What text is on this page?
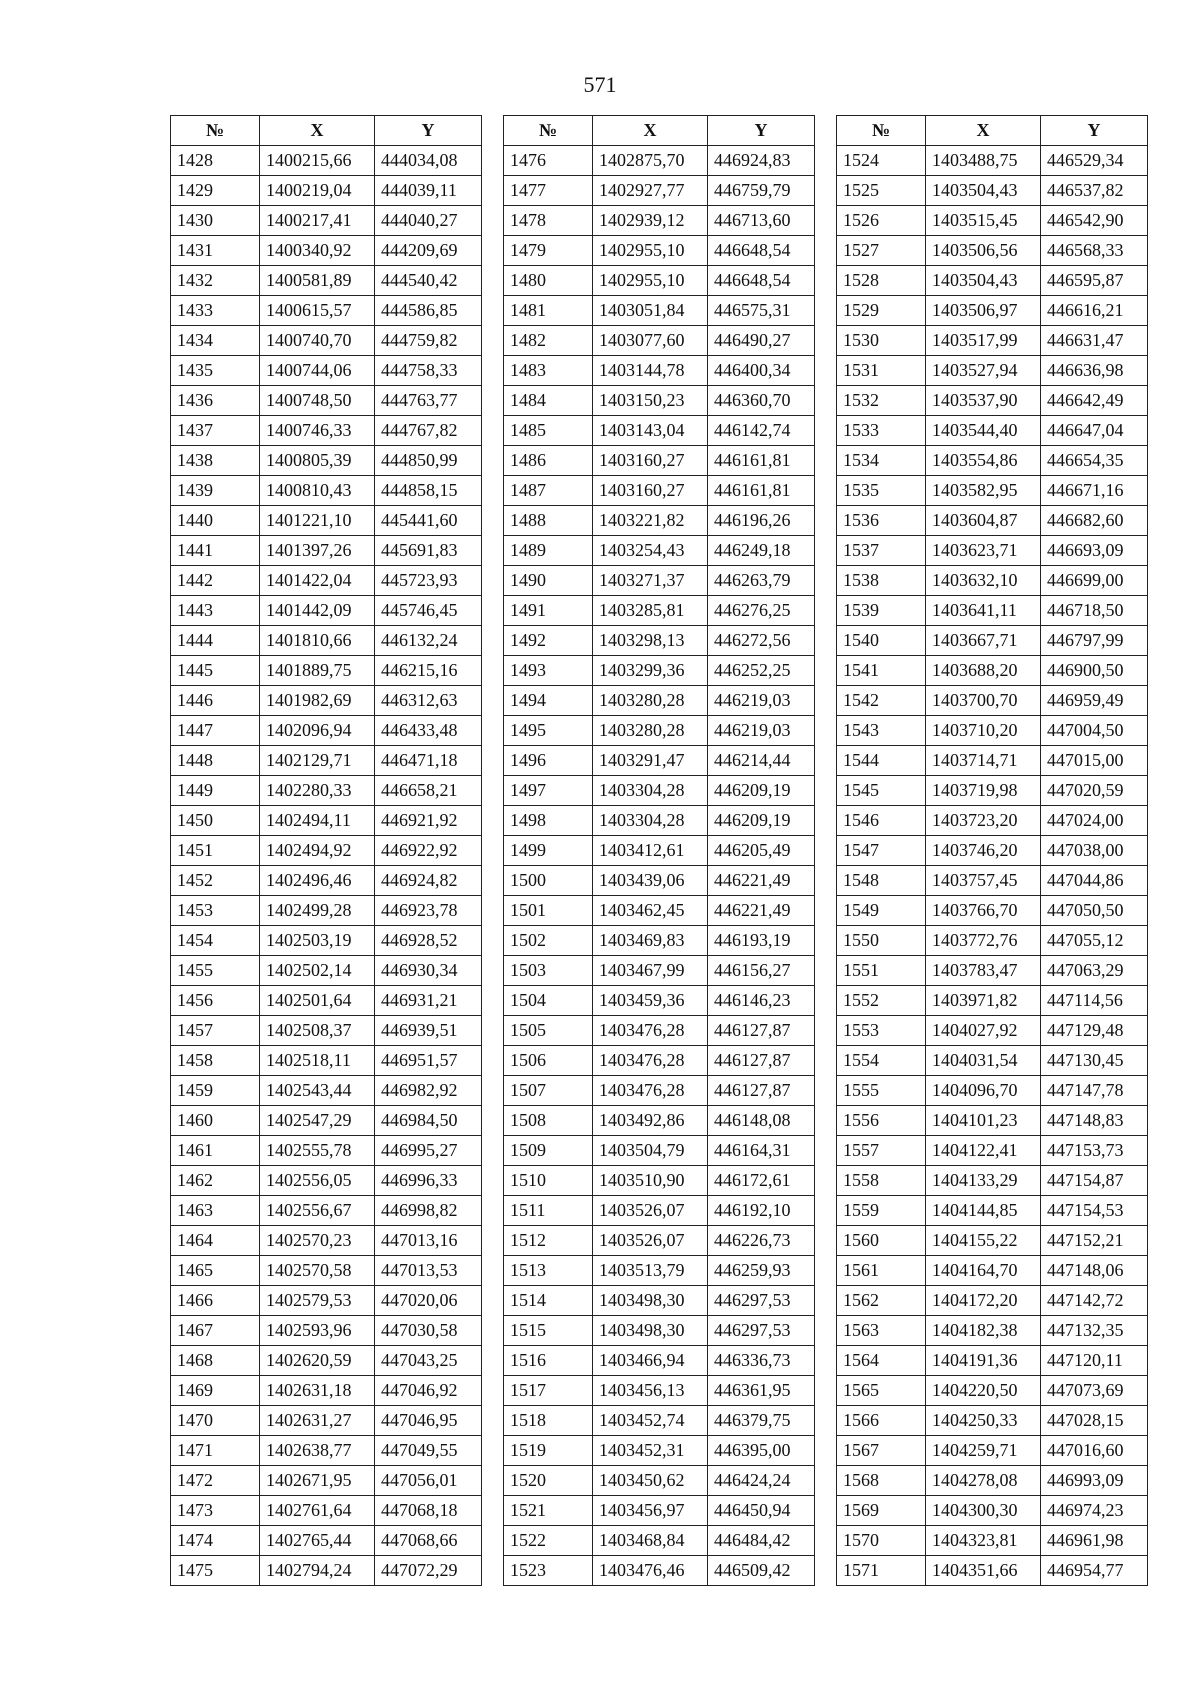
571
№	X	Y
1428	1400215,66	444034,08
1429	1400219,04	444039,11
1430	1400217,41	444040,27
1431	1400340,92	444209,69
1432	1400581,89	444540,42
1433	1400615,57	444586,85
1434	1400740,70	444759,82
1435	1400744,06	444758,33
1436	1400748,50	444763,77
1437	1400746,33	444767,82
1438	1400805,39	444850,99
1439	1400810,43	444858,15
1440	1401221,10	445441,60
1441	1401397,26	445691,83
1442	1401422,04	445723,93
1443	1401442,09	445746,45
1444	1401810,66	446132,24
1445	1401889,75	446215,16
1446	1401982,69	446312,63
1447	1402096,94	446433,48
1448	1402129,71	446471,18
1449	1402280,33	446658,21
1450	1402494,11	446921,92
1451	1402494,92	446922,92
1452	1402496,46	446924,82
1453	1402499,28	446923,78
1454	1402503,19	446928,52
1455	1402502,14	446930,34
1456	1402501,64	446931,21
1457	1402508,37	446939,51
1458	1402518,11	446951,57
1459	1402543,44	446982,92
1460	1402547,29	446984,50
1461	1402555,78	446995,27
1462	1402556,05	446996,33
1463	1402556,67	446998,82
1464	1402570,23	447013,16
1465	1402570,58	447013,53
1466	1402579,53	447020,06
1467	1402593,96	447030,58
1468	1402620,59	447043,25
1469	1402631,18	447046,92
1470	1402631,27	447046,95
1471	1402638,77	447049,55
1472	1402671,95	447056,01
1473	1402761,64	447068,18
1474	1402765,44	447068,66
1475	1402794,24	447072,29
№	X	Y
1476	1402875,70	446924,83
1477	1402927,77	446759,79
1478	1402939,12	446713,60
1479	1402955,10	446648,54
1480	1402955,10	446648,54
1481	1403051,84	446575,31
1482	1403077,60	446490,27
1483	1403144,78	446400,34
1484	1403150,23	446360,70
1485	1403143,04	446142,74
1486	1403160,27	446161,81
1487	1403160,27	446161,81
1488	1403221,82	446196,26
1489	1403254,43	446249,18
1490	1403271,37	446263,79
1491	1403285,81	446276,25
1492	1403298,13	446272,56
1493	1403299,36	446252,25
1494	1403280,28	446219,03
1495	1403280,28	446219,03
1496	1403291,47	446214,44
1497	1403304,28	446209,19
1498	1403304,28	446209,19
1499	1403412,61	446205,49
1500	1403439,06	446221,49
1501	1403462,45	446221,49
1502	1403469,83	446193,19
1503	1403467,99	446156,27
1504	1403459,36	446146,23
1505	1403476,28	446127,87
1506	1403476,28	446127,87
1507	1403476,28	446127,87
1508	1403492,86	446148,08
1509	1403504,79	446164,31
1510	1403510,90	446172,61
1511	1403526,07	446192,10
1512	1403526,07	446226,73
1513	1403513,79	446259,93
1514	1403498,30	446297,53
1515	1403498,30	446297,53
1516	1403466,94	446336,73
1517	1403456,13	446361,95
1518	1403452,74	446379,75
1519	1403452,31	446395,00
1520	1403450,62	446424,24
1521	1403456,97	446450,94
1522	1403468,84	446484,42
1523	1403476,46	446509,42
№	X	Y
1524	1403488,75	446529,34
1525	1403504,43	446537,82
1526	1403515,45	446542,90
1527	1403506,56	446568,33
1528	1403504,43	446595,87
1529	1403506,97	446616,21
1530	1403517,99	446631,47
1531	1403527,94	446636,98
1532	1403537,90	446642,49
1533	1403544,40	446647,04
1534	1403554,86	446654,35
1535	1403582,95	446671,16
1536	1403604,87	446682,60
1537	1403623,71	446693,09
1538	1403632,10	446699,00
1539	1403641,11	446718,50
1540	1403667,71	446797,99
1541	1403688,20	446900,50
1542	1403700,70	446959,49
1543	1403710,20	447004,50
1544	1403714,71	447015,00
1545	1403719,98	447020,59
1546	1403723,20	447024,00
1547	1403746,20	447038,00
1548	1403757,45	447044,86
1549	1403766,70	447050,50
1550	1403772,76	447055,12
1551	1403783,47	447063,29
1552	1403971,82	447114,56
1553	1404027,92	447129,48
1554	1404031,54	447130,45
1555	1404096,70	447147,78
1556	1404101,23	447148,83
1557	1404122,41	447153,73
1558	1404133,29	447154,87
1559	1404144,85	447154,53
1560	1404155,22	447152,21
1561	1404164,70	447148,06
1562	1404172,20	447142,72
1563	1404182,38	447132,35
1564	1404191,36	447120,11
1565	1404220,50	447073,69
1566	1404250,33	447028,15
1567	1404259,71	447016,60
1568	1404278,08	446993,09
1569	1404300,30	446974,23
1570	1404323,81	446961,98
1571	1404351,66	446954,77
